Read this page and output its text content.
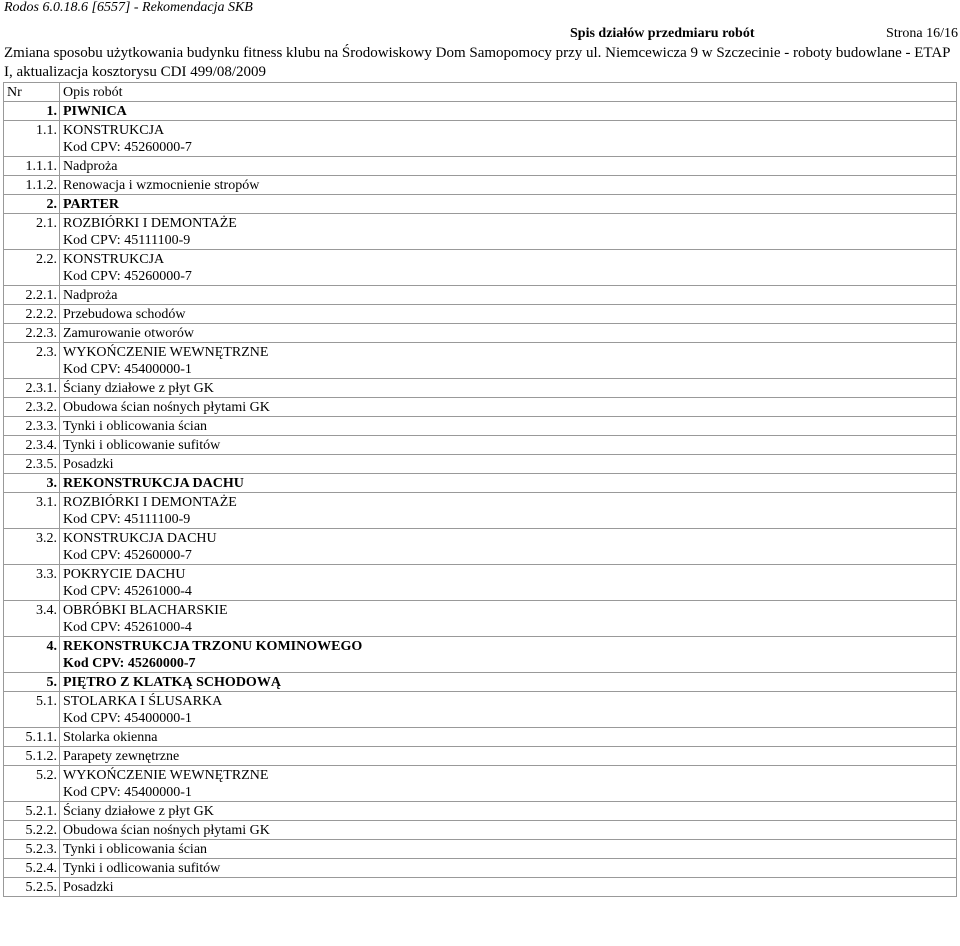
Rodos 6.0.18.6 [6557] - Rekomendacja SKB
Spis działów przedmiaru robót	Strona 16/16
Zmiana sposobu użytkowania budynku fitness klubu na Środowiskowy Dom Samopomocy przy ul. Niemcewicza 9 w Szczecinie - roboty budowlane - ETAP I, aktualizacja kosztorysu CDI 499/08/2009
Nr	Opis robót
1.	PIWNICA

1.1.	KONSTRUKCJA
Kod CPV: 45260000-7

1.1.1.	Nadproża

1.1.2.	Renowacja i wzmocnienie stropów

2.	PARTER

2.1.	ROZBIÓRKI I DEMONTAŻE
Kod CPV: 45111100-9

2.2.	KONSTRUKCJA
Kod CPV: 45260000-7

2.2.1.	Nadproża

2.2.2.	Przebudowa schodów

2.2.3.	Zamurowanie otworów

2.3.	WYKOŃCZENIE WEWNĘTRZNE
Kod CPV: 45400000-1

2.3.1.	Ściany działowe z płyt GK

2.3.2.	Obudowa ścian nośnych płytami GK

2.3.3.	Tynki i oblicowania ścian

2.3.4.	Tynki i oblicowanie sufitów

2.3.5.	Posadzki

3.	REKONSTRUKCJA DACHU

3.1.	ROZBIÓRKI I DEMONTAŻE
Kod CPV: 45111100-9

3.2.	KONSTRUKCJA DACHU
Kod CPV: 45260000-7

3.3.	POKRYCIE DACHU
Kod CPV: 45261000-4

3.4.	OBRÓBKI BLACHARSKIE
Kod CPV: 45261000-4

4.	REKONSTRUKCJA TRZONU KOMINOWEGO
Kod CPV: 45260000-7

5.	PIĘTRO Z KLATKĄ SCHODOWĄ

5.1.	STOLARKA I ŚLUSARKA
Kod CPV: 45400000-1

5.1.1.	Stolarka okienna

5.1.2.	Parapety zewnętrzne

5.2.	WYKOŃCZENIE WEWNĘTRZNE
Kod CPV: 45400000-1

5.2.1.	Ściany działowe z płyt GK

5.2.2.	Obudowa ścian nośnych płytami GK

5.2.3.	Tynki i oblicowania ścian

5.2.4.	Tynki i odlicowania sufitów

5.2.5.	Posadzki
